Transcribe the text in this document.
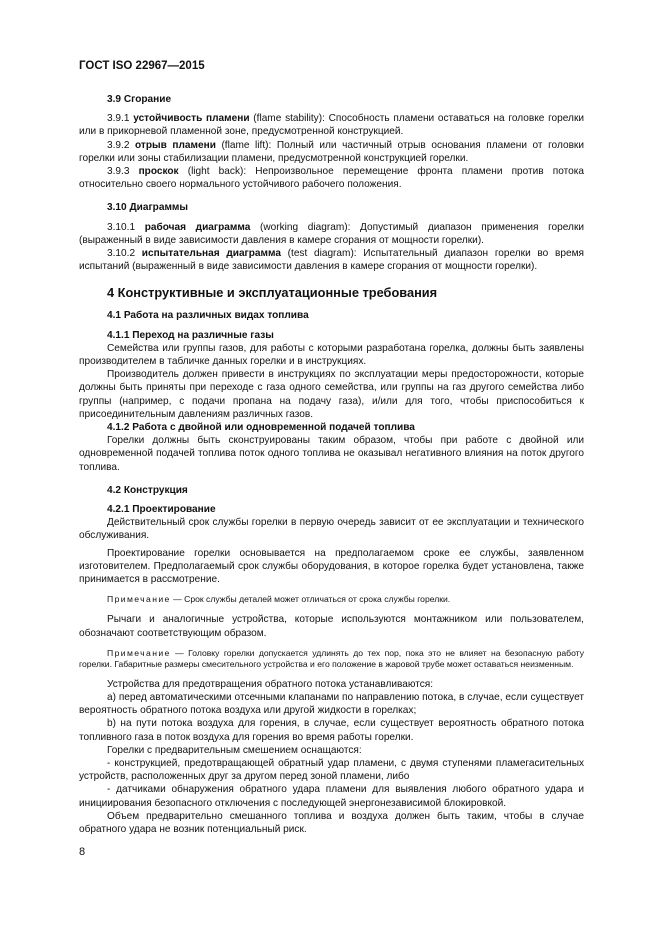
ГОСТ ISO 22967—2015

3.9 Сгорание

3.9.1 устойчивость пламени (flame stability): Способность пламени оставаться на головке горелки или в прикорневой пламенной зоне, предусмотренной конструкцией.

3.9.2 отрыв пламени (flame lift): Полный или частичный отрыв основания пламени от головки горелки или зоны стабилизации пламени, предусмотренной конструкцией горелки.

3.9.3 проскок (light back): Непроизвольное перемещение фронта пламени против потока относительно своего нормального устойчивого рабочего положения.

3.10 Диаграммы

3.10.1 рабочая диаграмма (working diagram): Допустимый диапазон применения горелки (выраженный в виде зависимости давления в камере сгорания от мощности горелки).

3.10.2 испытательная диаграмма (test diagram): Испытательный диапазон горелки во время испытаний (выраженный в виде зависимости давления в камере сгорания от мощности горелки).

4 Конструктивные и эксплуатационные требования

4.1 Работа на различных видах топлива

4.1.1 Переход на различные газы

Семейства или группы газов, для работы с которыми разработана горелка, должны быть заявлены производителем в табличке данных горелки и в инструкциях.

Производитель должен привести в инструкциях по эксплуатации меры предосторожности, которые должны быть приняты при переходе с газа одного семейства, или группы на газ другого семейства либо группы (например, с подачи пропана на подачу газа), и/или для того, чтобы приспособиться к присоединительным давлениям различных газов.

4.1.2 Работа с двойной или одновременной подачей топлива

Горелки должны быть сконструированы таким образом, чтобы при работе с двойной или одновременной подачей топлива поток одного топлива не оказывал негативного влияния на поток другого топлива.

4.2 Конструкция

4.2.1 Проектирование

Действительный срок службы горелки в первую очередь зависит от ее эксплуатации и технического обслуживания.

Проектирование горелки основывается на предполагаемом сроке ее службы, заявленном изготовителем. Предполагаемый срок службы оборудования, в которое горелка будет установлена, также принимается в рассмотрение.

Примечание — Срок службы деталей может отличаться от срока службы горелки.

Рычаги и аналогичные устройства, которые используются монтажником или пользователем, обозначают соответствующим образом.

Примечание — Головку горелки допускается удлинять до тех пор, пока это не влияет на безопасную работу горелки. Габаритные размеры смесительного устройства и его положение в жаровой трубе может оставаться неизменным.

Устройства для предотвращения обратного потока устанавливаются:

a) перед автоматическими отсечными клапанами по направлению потока, в случае, если существует вероятность обратного потока воздуха или другой жидкости в горелках;

b) на пути потока воздуха для горения, в случае, если существует вероятность обратного потока топливного газа в поток воздуха для горения во время работы горелки.

Горелки с предварительным смешением оснащаются:

- конструкцией, предотвращающей обратный удар пламени, с двумя ступенями пламегасительных устройств, расположенных друг за другом перед зоной пламени, либо

- датчиками обнаружения обратного удара пламени для выявления любого обратного удара и инициирования безопасного отключения с последующей энергонезависимой блокировкой.

Объем предварительно смешанного топлива и воздуха должен быть таким, чтобы в случае обратного удара не возник потенциальный риск.

8
